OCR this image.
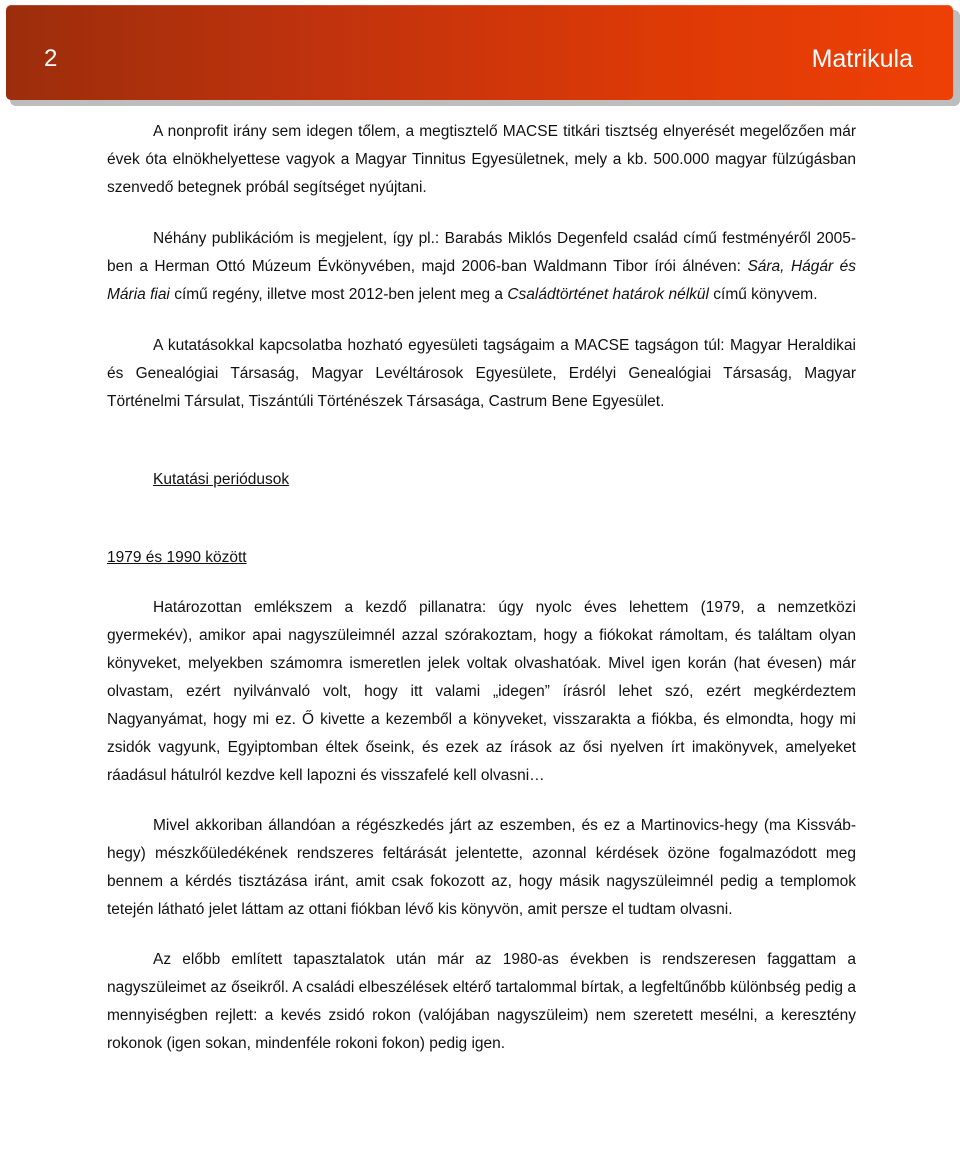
2	Matrikula

A nonprofit irány sem idegen tőlem, a megtisztelő MACSE titkári tisztség elnyerését megelőzően már évek óta elnökhelyettese vagyok a Magyar Tinnitus Egyesületnek, mely a kb. 500.000 magyar fülzúgásban szenvedő betegnek próbál segítséget nyújtani.

Néhány publikációm is megjelent, így pl.: Barabás Miklós Degenfeld család című festményéről 2005-ben a Herman Ottó Múzeum Évkönyvében, majd 2006-ban Waldmann Tibor írói álnéven: Sára, Hágár és Mária fiai című regény, illetve most 2012-ben jelent meg a Családtörténet határok nélkül című könyvem.

A kutatásokkal kapcsolatba hozható egyesületi tagságaim a MACSE tagságon túl: Magyar Heraldikai és Genealógiai Társaság, Magyar Levéltárosok Egyesülete, Erdélyi Genealógiai Társaság, Magyar Történelmi Társulat, Tiszántúli Történészek Társasága, Castrum Bene Egyesület.

Kutatási periódusok

1979 és 1990 között

Határozottan emlékszem a kezdő pillanatra: úgy nyolc éves lehettem (1979, a nemzetközi gyermekév), amikor apai nagyszüleimnél azzal szórakoztam, hogy a fiókokat rámoltam, és találtam olyan könyveket, melyekben számomra ismeretlen jelek voltak olvashatóak. Mivel igen korán (hat évesen) már olvastam, ezért nyilvánvaló volt, hogy itt valami „idegen” írásról lehet szó, ezért megkérdeztem Nagyanyámat, hogy mi ez. Ő kivette a kezemből a könyveket, visszarakta a fiókba, és elmondta, hogy mi zsidók vagyunk, Egyiptomban éltek őseink, és ezek az írások az ősi nyelven írt imakönyvek, amelyeket ráadásul hátulról kezdve kell lapozni és visszafelé kell olvasni…

Mivel akkoriban állandóan a régészkedés járt az eszemben, és ez a Martinovics-hegy (ma Kissváb-hegy) mészkőüledékének rendszeres feltárását jelentette, azonnal kérdések özöne fogalmazódott meg bennem a kérdés tisztázása iránt, amit csak fokozott az, hogy másik nagyszüleimnél pedig a templomok tetején látható jelet láttam az ottani fiókban lévő kis könyvön, amit persze el tudtam olvasni.

Az előbb említett tapasztalatok után már az 1980-as években is rendszeresen faggattam a nagyszüleimet az őseikről. A családi elbeszélések eltérő tartalommal bírtak, a legfeltűnőbb különbség pedig a mennyiségben rejlett: a kevés zsidó rokon (valójában nagyszüleim) nem szeretett mesélni, a keresztény rokonok (igen sokan, mindenféle rokoni fokon) pedig igen.
